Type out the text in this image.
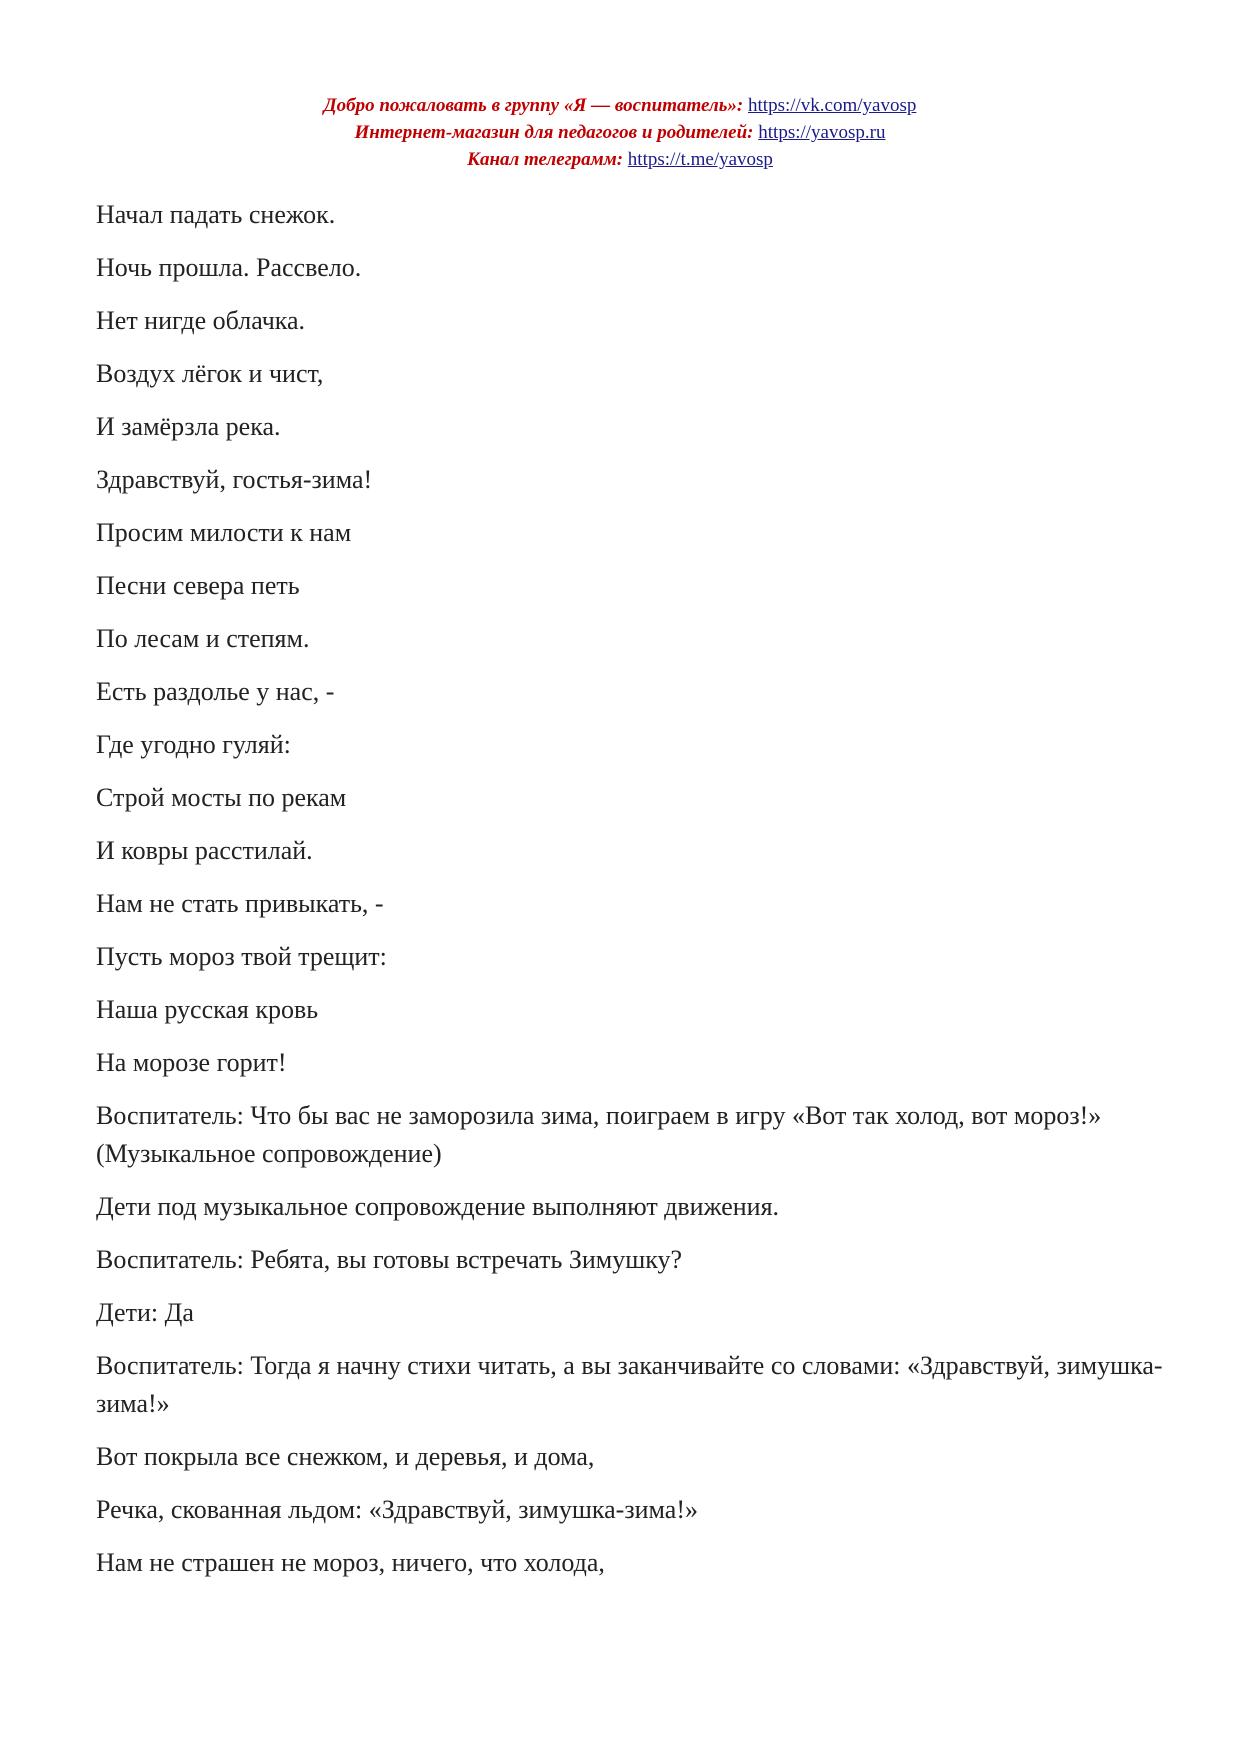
Добро пожаловать в группу «Я — воспитатель»: https://vk.com/yavosp
Интернет-магазин для педагогов и родителей: https://yavosp.ru
Канал телеграмм: https://t.me/yavosp

Начал падать снежок.

Ночь прошла. Рассвело.

Нет нигде облачка.

Воздух лёгок и чист,

И замёрзла река.

Здравствуй, гостья-зима!

Просим милости к нам

Песни севера петь

По лесам и степям.

Есть раздолье у нас, -

Где угодно гуляй:

Строй мосты по рекам

И ковры расстилай.

Нам не стать привыкать, -

Пусть мороз твой трещит:

Наша русская кровь

На морозе горит!

Воспитатель: Что бы вас не заморозила зима, поиграем в игру «Вот так холод, вот мороз!» (Музыкальное сопровождение)

Дети под музыкальное сопровождение выполняют движения.

Воспитатель: Ребята, вы готовы встречать Зимушку?

Дети: Да

Воспитатель: Тогда я начну стихи читать, а вы заканчивайте со словами: «Здравствуй, зимушка-зима!»

Вот покрыла все снежком, и деревья, и дома,

Речка, скованная льдом: «Здравствуй, зимушка-зима!»

Нам не страшен не мороз, ничего, что холода,
